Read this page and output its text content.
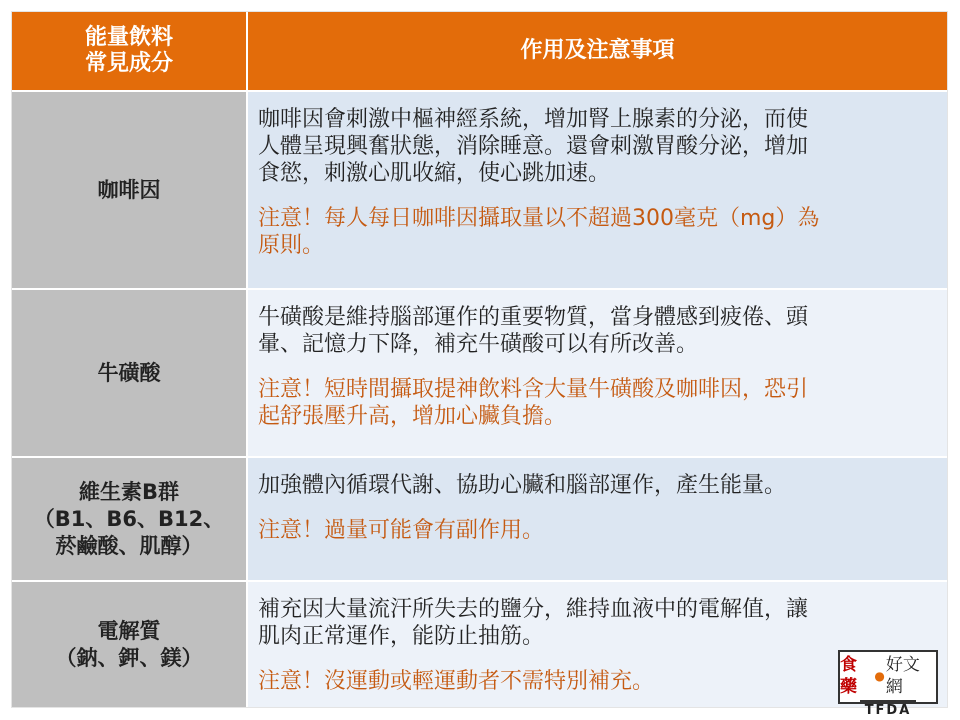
能量飲料
常見成分
作用及注意事項
咖啡因

咖啡因會刺激中樞神經系統，增加腎上腺素的分泌，而使
人體呈現興奮狀態，消除睡意。還會刺激胃酸分泌，增加
食慾，刺激心肌收縮，使心跳加速。

注意！每人每日咖啡因攝取量以不超過300毫克（mg）為
原則。

牛磺酸

牛磺酸是維持腦部運作的重要物質，當身體感到疲倦、頭
暈、記憶力下降，補充牛磺酸可以有所改善。

注意！短時間攝取提神飲料含大量牛磺酸及咖啡因，恐引
起舒張壓升高，增加心臟負擔。

維生素B群
（B1、B6、B12、
菸鹼酸、肌醇）

加強體內循環代謝、協助心臟和腦部運作，產生能量。

注意！過量可能會有副作用。

電解質
（鈉、鉀、鎂）

補充因大量流汗所失去的鹽分，維持血液中的電解值，讓
肌肉正常運作，能防止抽筋。

注意！沒運動或輕運動者不需特別補充。

食藥
●
好文網
TFDA
